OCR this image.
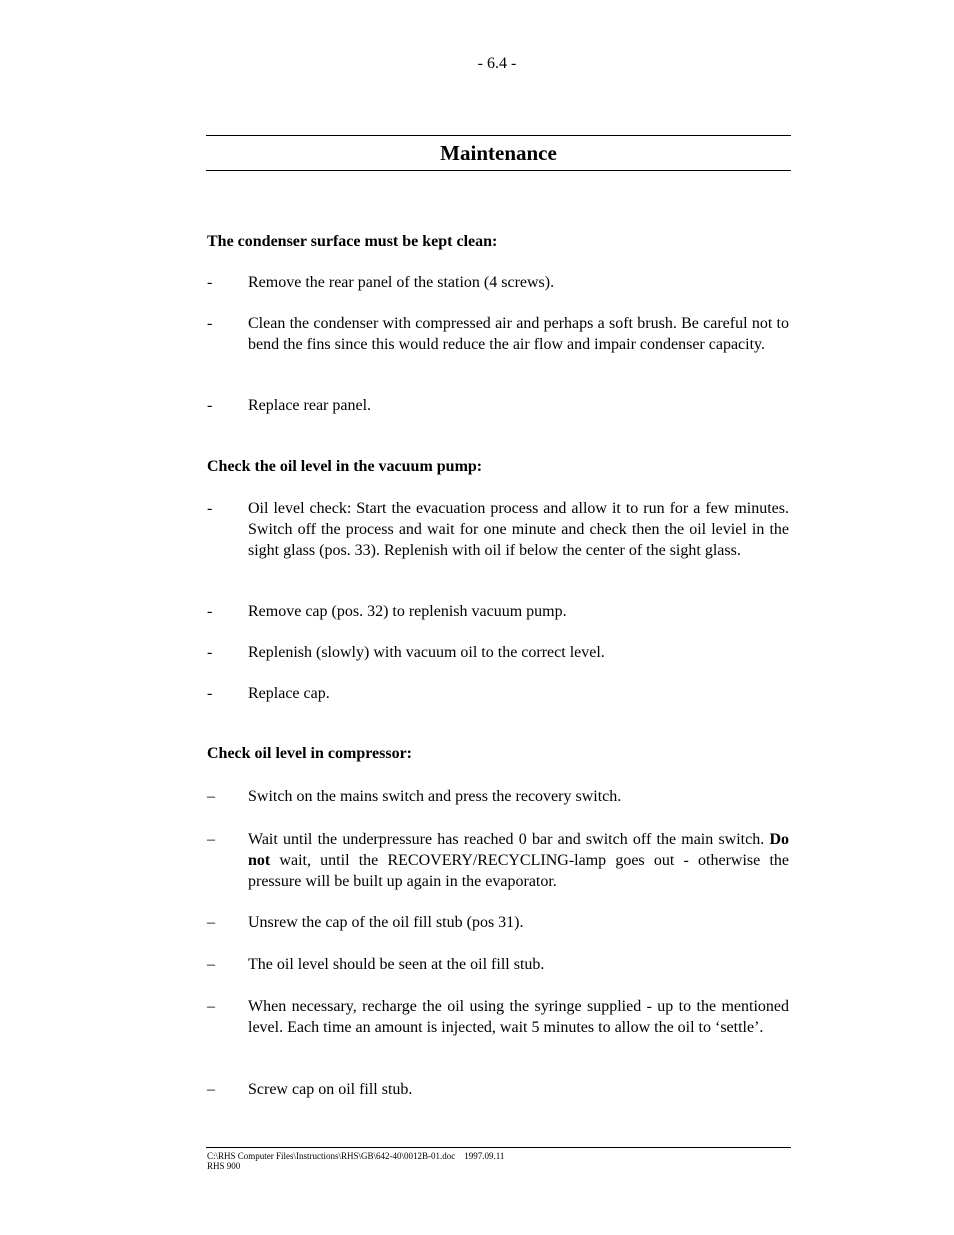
- 6.4 -
Maintenance
The condenser surface must be kept clean:
- Remove the rear panel of the station (4 screws).
- Clean the condenser with compressed air and perhaps a soft brush. Be careful not to bend the fins since this would reduce the air flow and impair condenser capacity.
- Replace rear panel.
Check the oil level in the vacuum pump:
- Oil level check: Start the evacuation process and allow it to run for a few minutes. Switch off the process and wait for one minute and check then the oil leviel in the sight glass (pos. 33). Replenish with oil if below the center of the sight glass.
- Remove cap (pos. 32) to replenish vacuum pump.
- Replenish (slowly) with vacuum oil to the correct level.
- Replace cap.
Check oil level in compressor:
– Switch on the mains switch and press the recovery switch.
– Wait until the underpressure has reached 0 bar and switch off the main switch. Do not wait, until the RECOVERY/RECYCLING-lamp goes out - otherwise the pressure will be built up again in the evaporator.
– Unsrew the cap of the oil fill stub (pos 31).
– The oil level should be seen at the oil fill stub.
– When necessary, recharge the oil using the syringe supplied - up to the mentioned level. Each time an amount is injected, wait 5 minutes to allow the oil to ‘settle’.
– Screw cap on oil fill stub.
C:\RHS Computer Files\Instructions\RHS\GB\642-40\0012B-01.doc    1997.09.11
RHS 900
